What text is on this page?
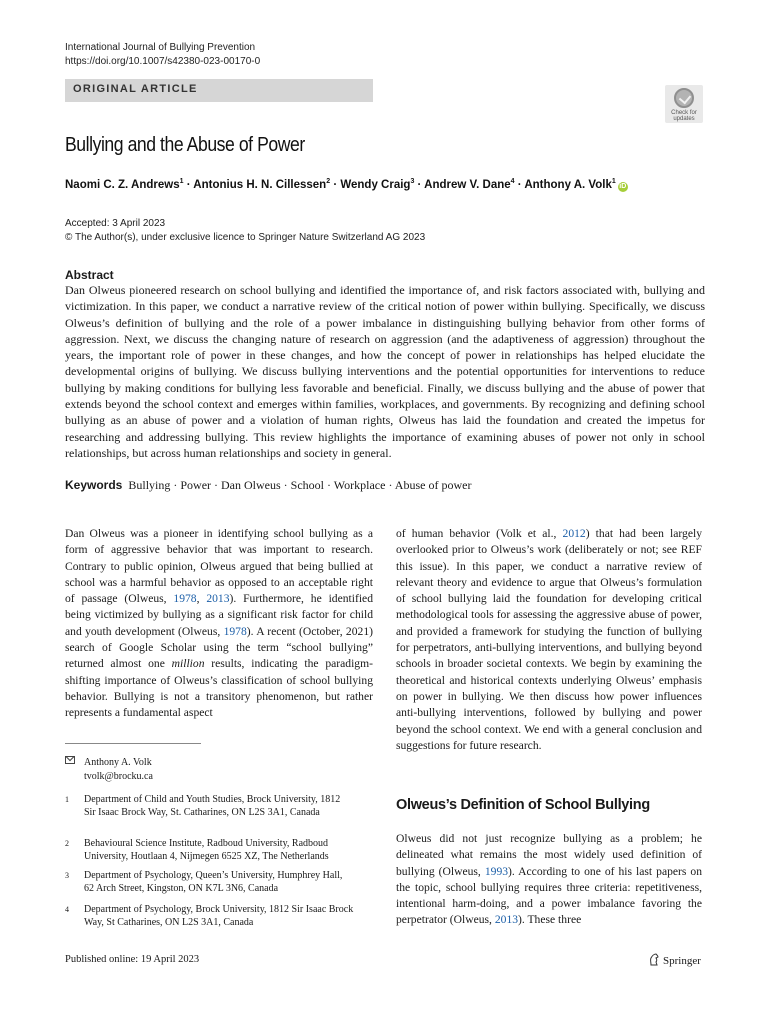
International Journal of Bullying Prevention
https://doi.org/10.1007/s42380-023-00170-0
ORIGINAL ARTICLE
Check for
updates
Bullying and the Abuse of Power
Naomi C. Z. Andrews$^1$ · Antonius H. N. Cillessen$^2$ · Wendy Craig$^3$ · Andrew V. Dane$^4$ · Anthony A. Volk$^1$iD
Accepted: 3 April 2023
© The Author(s), under exclusive licence to Springer Nature Switzerland AG 2023
Abstract
Dan Olweus pioneered research on school bullying and identified the importance of, and risk factors associated with, bullying and victimization. In this paper, we conduct a narrative review of the critical notion of power within bullying. Specifically, we discuss Olweus’s definition of bullying and the role of a power imbalance in distinguishing bullying behavior from other forms of aggression. Next, we discuss the changing nature of research on aggression (and the adaptiveness of aggression) throughout the years, the important role of power in these changes, and how the concept of power in relationships has helped elucidate the developmental origins of bullying. We discuss bullying interventions and the potential opportunities for interventions to reduce bullying by making conditions for bullying less favorable and beneficial. Finally, we discuss bullying and the abuse of power that extends beyond the school context and emerges within families, workplaces, and governments. By recognizing and defining school bullying as an abuse of power and a violation of human rights, Olweus has laid the foundation and created the impetus for researching and addressing bullying. This review highlights the importance of examining abuses of power not only in school relationships, but across human relationships and society in general.
Keywords Bullying · Power · Dan Olweus · School · Workplace · Abuse of power
Dan Olweus was a pioneer in identifying school bullying as a form of aggressive behavior that was important to research. Contrary to public opinion, Olweus argued that being bullied at school was a harmful behavior as opposed to an acceptable right of passage (Olweus, 1978, 2013). Furthermore, he identified being victimized by bullying as a significant risk factor for child and youth development (Olweus, 1978). A recent (October, 2021) search of Google Scholar using the term “school bullying” returned almost one million results, indicating the paradigm-shifting importance of Olweus’s classification of school bullying behavior. Bullying is not a transitory phenomenon, but rather represents a fundamental aspect
of human behavior (Volk et al., 2012) that had been largely overlooked prior to Olweus’s work (deliberately or not; see REF this issue). In this paper, we conduct a narrative review of relevant theory and evidence to argue that Olweus’s formulation of school bullying laid the foundation for developing critical methodological tools for assessing the aggressive abuse of power, and provided a framework for studying the function of bullying for perpetrators, anti-bullying interventions, and bullying beyond schools in broader societal contexts. We begin by examining the theoretical and historical contexts underlying Olweus’ emphasis on power in bullying. We then discuss how power influences anti-bullying interventions, followed by bullying and power beyond the school context. We end with a general conclusion and suggestions for future research.
Anthony A. Volk
tvolk@brocku.ca
1 Department of Child and Youth Studies, Brock University, 1812 Sir Isaac Brock Way, St. Catharines, ON L2S 3A1, Canada
2 Behavioural Science Institute, Radboud University, Radboud University, Houtlaan 4, Nijmegen 6525 XZ, The Netherlands
3 Department of Psychology, Queen’s University, Humphrey Hall, 62 Arch Street, Kingston, ON K7L 3N6, Canada
4 Department of Psychology, Brock University, 1812 Sir Isaac Brock Way, St Catharines, ON L2S 3A1, Canada
Olweus’s Definition of School Bullying
Olweus did not just recognize bullying as a problem; he delineated what remains the most widely used definition of bullying (Olweus, 1993). According to one of his last papers on the topic, school bullying requires three criteria: repetitiveness, intentional harm-doing, and a power imbalance favoring the perpetrator (Olweus, 2013). These three
Published online: 19 April 2023	Springer
